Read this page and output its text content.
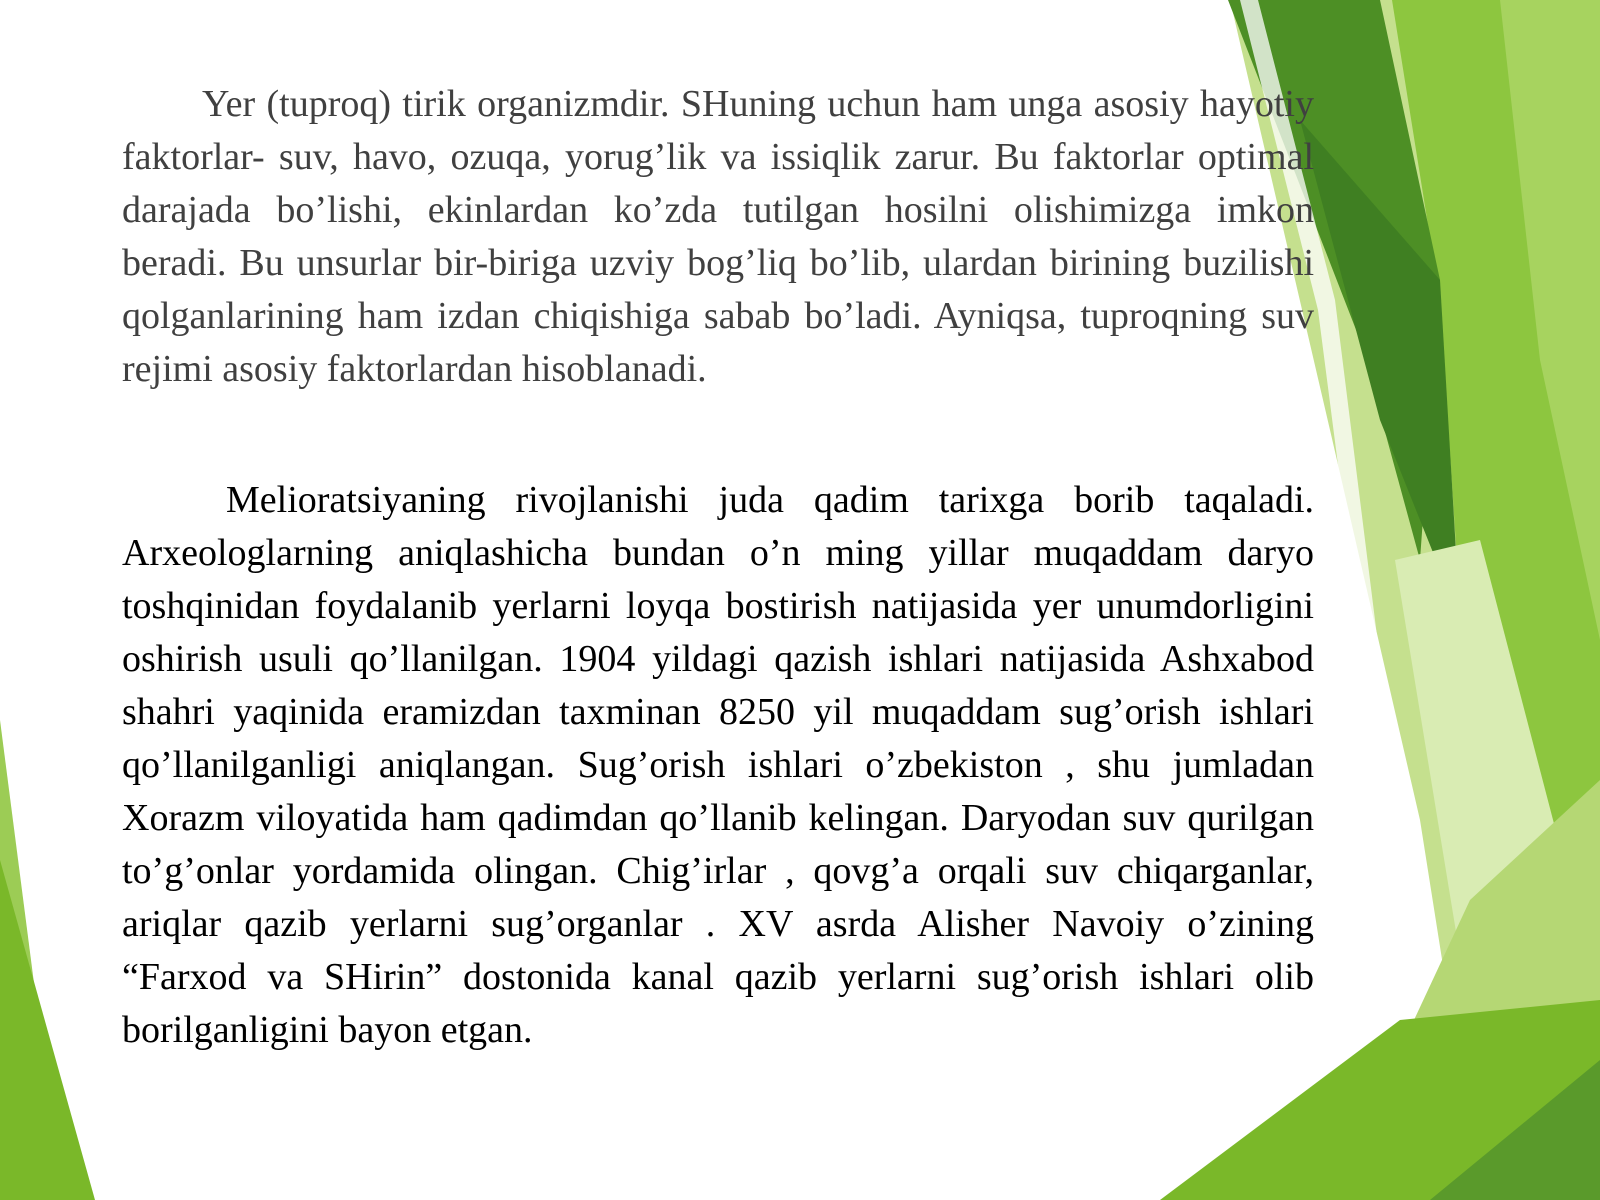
Yer (tuproq) tirik organizmdir. SHuning uchun ham unga asosiy hayotiy faktorlar- suv, havo, ozuqa, yorug’lik va issiqlik zarur. Bu faktorlar optimal darajada bo’lishi, ekinlardan ko’zda tutilgan hosilni olishimizga imkon beradi. Bu unsurlar bir-biriga uzviy bog’liq bo’lib, ulardan birining buzilishi qolganlarining ham izdan chiqishiga sabab bo’ladi. Ayniqsa, tuproqning suv rejimi asosiy faktorlardan hisoblanadi.

Melioratsiyaning rivojlanishi juda qadim tarixga borib taqaladi. Arxeologlarning aniqlashicha bundan o’n ming yillar muqaddam daryo toshqinidan foydalanib yerlarni loyqa bostirish natijasida yer unumdorligini oshirish usuli qo’llanilgan. 1904 yildagi qazish ishlari natijasida Ashxabod shahri yaqinida eramizdan taxminan 8250 yil muqaddam sug’orish ishlari qo’llanilganligi aniqlangan. Sug’orish ishlari o’zbekiston , shu jumladan Xorazm viloyatida ham qadimdan qo’llanib kelingan. Daryodan suv qurilgan to’g’onlar yordamida olingan. Chig’irlar , qovg’a orqali suv chiqarganlar, ariqlar qazib yerlarni sug’organlar . XV asrda Alisher Navoiy o’zining “Farxod va SHirin” dostonida kanal qazib yerlarni sug’orish ishlari olib borilganligini bayon etgan.
